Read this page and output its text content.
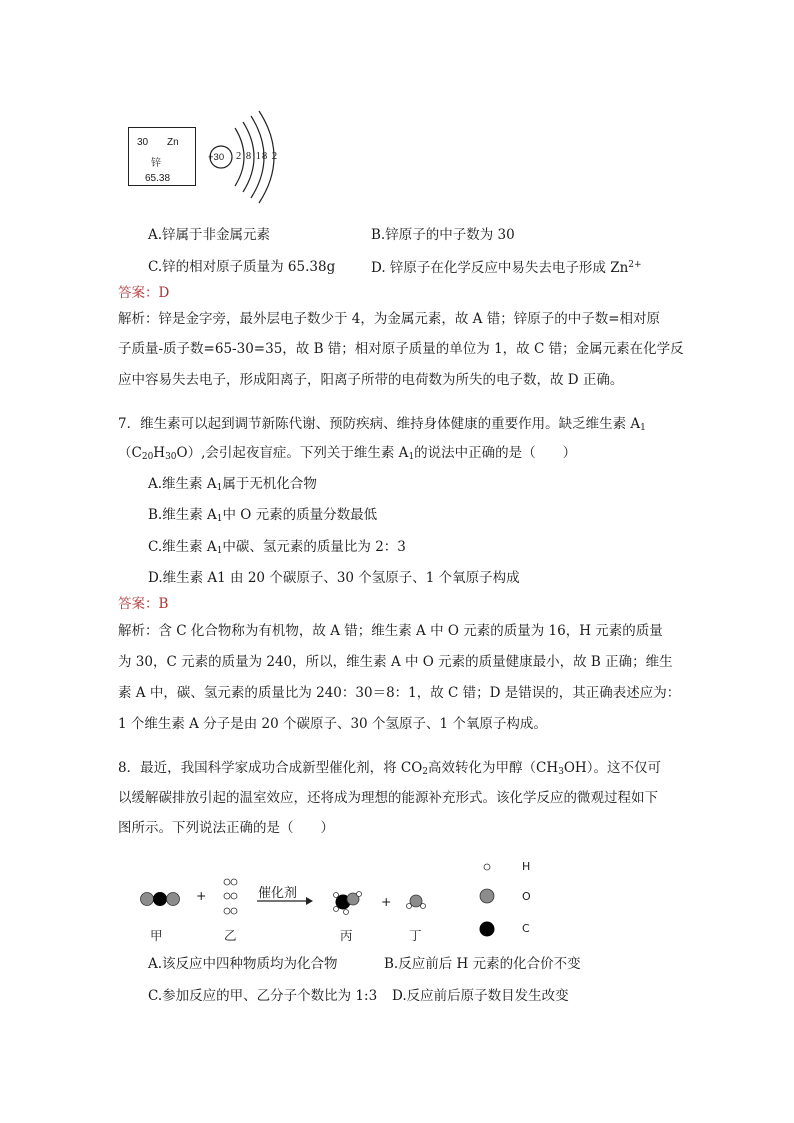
30 Zn
锌
65.38
+30 2 8 18 2
A.锌属于非金属元素	B.锌原子的中子数为 30
C.锌的相对原子质量为 65.38g	D. 锌原子在化学反应中易失去电子形成 $Zn^{2+}$
答案：D
解析：锌是金字旁，最外层电子数少于 4，为金属元素，故 A 错；锌原子的中子数=相对原
子质量-质子数=65-30=35，故 B 错；相对原子质量的单位为 1，故 C 错；金属元素在化学反
应中容易失去电子，形成阳离子，阳离子所带的电荷数为所失的电子数，故 D 正确。
7．维生素可以起到调节新陈代谢、预防疾病、维持身体健康的重要作用。缺乏维生素 $A_1$
$(C_{20}H_{30}O)$,会引起夜盲症。下列关于维生素 $A_1$的说法中正确的是（　　）
A.维生素 $A_1$属于无机化合物
B.维生素 $A_1$中 O 元素的质量分数最低
C.维生素 $A_1$中碳、氢元素的质量比为 2：3
D.维生素 A1 由 20 个碳原子、30 个氢原子、1 个氧原子构成
答案：B
解析：含 C 化合物称为有机物，故 A 错；维生素 A 中 O 元素的质量为 16，H 元素的质量
为 30，C 元素的质量为 240，所以，维生素 A 中 O 元素的质量健康最小，故 B 正确；维生
素 A 中，碳、氢元素的质量比为 240：30＝8：1，故 C 错；D 是错误的，其正确表述应为：
1 个维生素 A 分子是由 20 个碳原子、30 个氢原子、1 个氧原子构成。
8．最近，我国科学家成功合成新型催化剂，将 $CO_2$高效转化为甲醇$(CH_3OH)$。这不仅可
以缓解碳排放引起的温室效应，还将成为理想的能源补充形式。该化学反应的微观过程如下
图所示。下列说法正确的是（　　）
+	+
催化剂
甲	乙	丙	丁
H
O
C
A.该反应中四种物质均为化合物	B.反应前后 H 元素的化合价不变
C.参加反应的甲、乙分子个数比为 1:3 D.反应前后原子数目发生改变
